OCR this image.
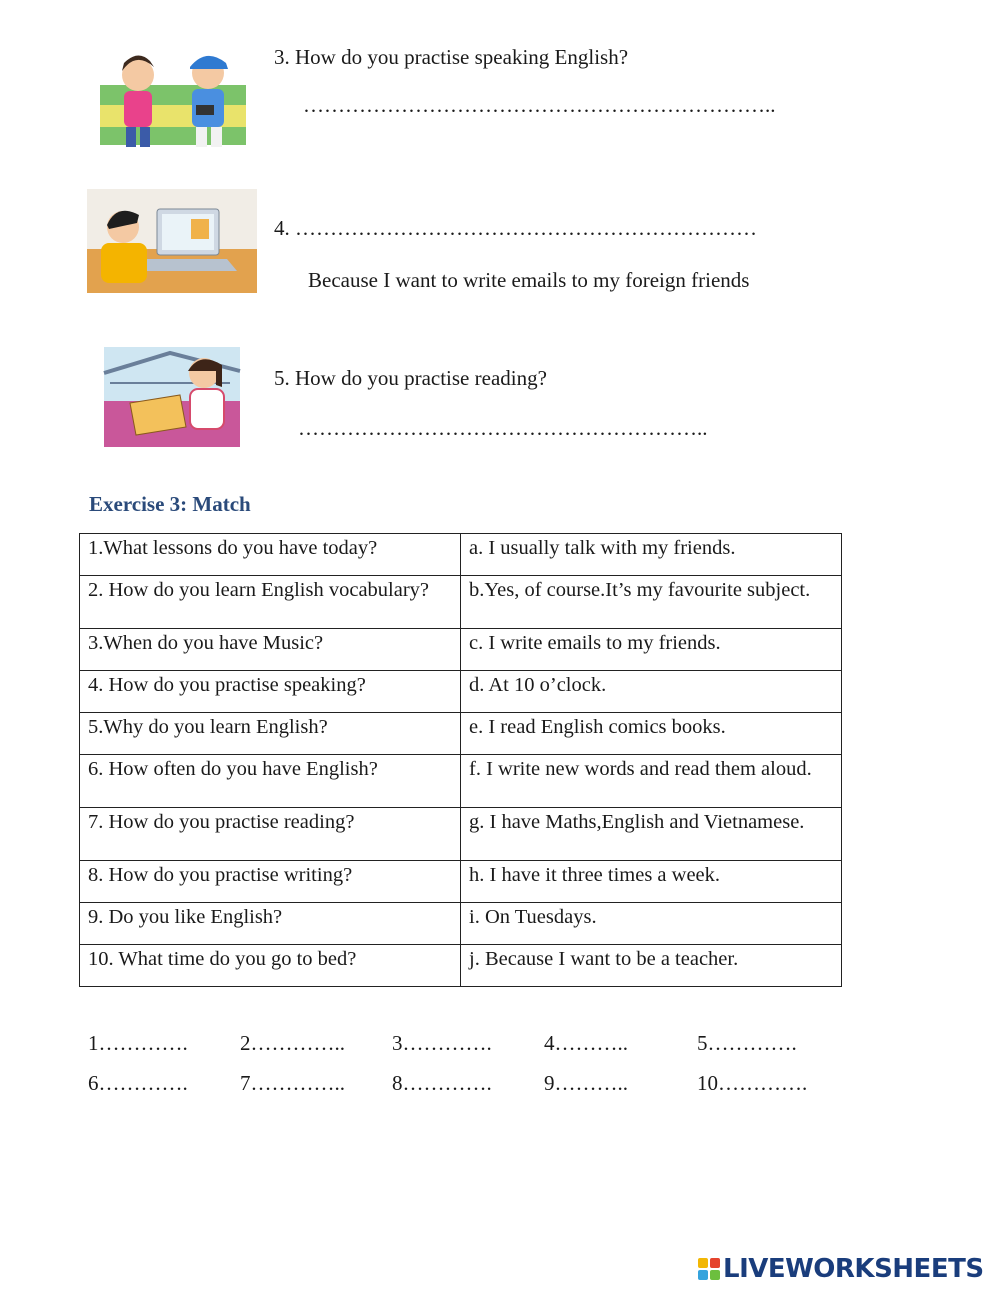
3. How do you practise speaking English?
…………………………………………………………..
4. …………………………………………………………
Because I want to write emails to my foreign friends
5. How do you practise reading?
…………………………………………………..
Exercise 3: Match
1.What lessons do you have today?	a. I usually talk with my friends.
2. How do you learn English vocabulary?	b.Yes, of course.It’s my favourite subject.
3.When do you have Music?	c. I write emails to my friends.
4. How do you practise speaking?	d. At 10 o’clock.
5.Why do you learn English?	e. I read English comics books.
6. How often do you have English?	f. I write new words and read them aloud.
7. How do you practise reading?	g. I have Maths,English and Vietnamese.
8. How do you practise writing?	h. I have it three times a week.
9. Do you like English?	i. On Tuesdays.
10. What time do you go to bed?	j. Because I want to be a teacher.
1…………. 2………….. 3…………. 4………..	5………….
6…………. 7………….. 8…………. 9………..	10………….
LIVEWORKSHEETS
